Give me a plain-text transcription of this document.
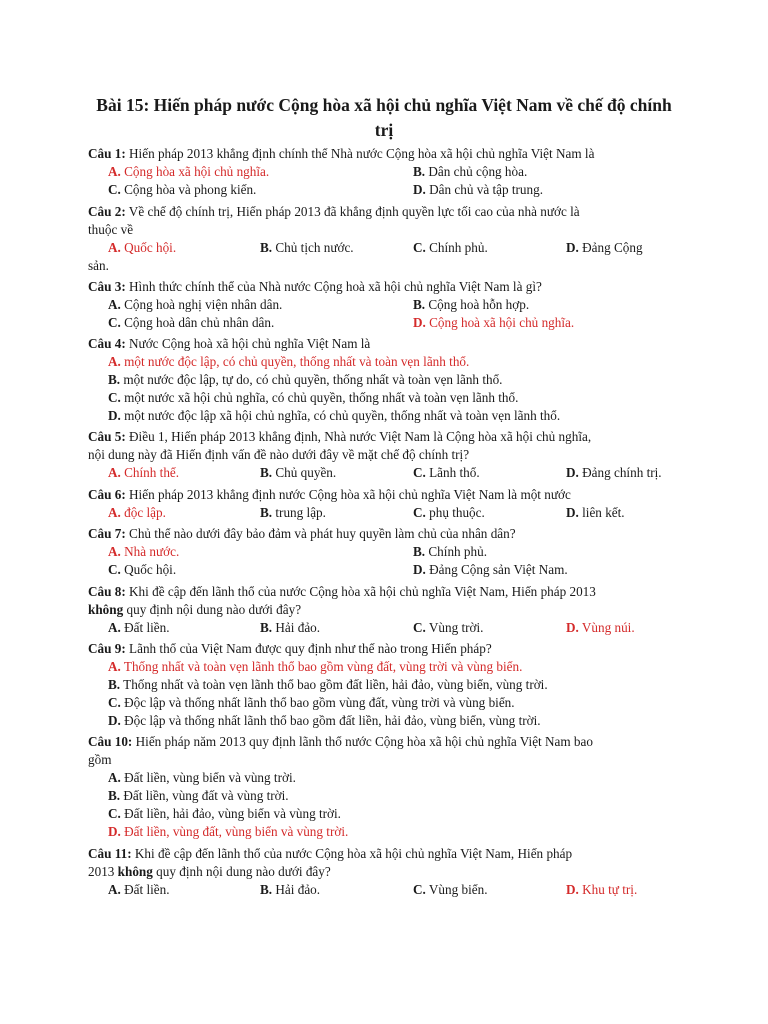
Bài 15: Hiến pháp nước Cộng hòa xã hội chủ nghĩa Việt Nam về chế độ chính
trị
Câu 1: Hiến pháp 2013 khẳng định chính thể Nhà nước Cộng hòa xã hội chủ nghĩa Việt Nam là
A. Cộng hòa xã hội chủ nghĩa.	B. Dân chủ cộng hòa.
C. Cộng hòa và phong kiến.	D. Dân chủ và tập trung.
Câu 2: Về chế độ chính trị, Hiến pháp 2013 đã khẳng định quyền lực tối cao của nhà nước là
thuộc về
A. Quốc hội.	B. Chủ tịch nước.	C. Chính phủ.	D. Đảng Cộng
sản.
Câu 3: Hình thức chính thể của Nhà nước Cộng hoà xã hội chủ nghĩa Việt Nam là gì?
A. Cộng hoà nghị viện nhân dân.	B. Cộng hoà hỗn hợp.
C. Cộng hoà dân chủ nhân dân.	D. Cộng hoà xã hội chủ nghĩa.
Câu 4: Nước Cộng hoà xã hội chủ nghĩa Việt Nam là
A. một nước độc lập, có chủ quyền, thống nhất và toàn vẹn lãnh thổ.
B. một nước độc lập, tự do, có chủ quyền, thống nhất và toàn vẹn lãnh thổ.
C. một nước xã hội chủ nghĩa, có chủ quyền, thống nhất và toàn vẹn lãnh thổ.
D. một nước độc lập xã hội chủ nghĩa, có chủ quyền, thống nhất và toàn vẹn lãnh thổ.
Câu 5: Điều 1, Hiến pháp 2013 khẳng định, Nhà nước Việt Nam là Cộng hòa xã hội chủ nghĩa,
nội dung này đã Hiến định vấn đề nào dưới đây về mặt chế độ chính trị?
A. Chính thể.	B. Chủ quyền.	C. Lãnh thổ.	D. Đảng chính trị.
Câu 6: Hiến pháp 2013 khẳng định nước Cộng hòa xã hội chủ nghĩa Việt Nam là một nước
A. độc lập.	B. trung lập.	C. phụ thuộc.	D. liên kết.
Câu 7: Chủ thể nào dưới đây bảo đảm và phát huy quyền làm chủ của nhân dân?
A. Nhà nước.	B. Chính phủ.
C. Quốc hội.	D. Đảng Cộng sản Việt Nam.
Câu 8: Khi đề cập đến lãnh thổ của nước Cộng hòa xã hội chủ nghĩa Việt Nam, Hiến pháp 2013
không quy định nội dung nào dưới đây?
A. Đất liền.	B. Hải đảo.	C. Vùng trời.	D. Vùng núi.
Câu 9: Lãnh thổ của Việt Nam được quy định như thế nào trong Hiến pháp?
A. Thống nhất và toàn vẹn lãnh thổ bao gồm vùng đất, vùng trời và vùng biển.
B. Thống nhất và toàn vẹn lãnh thổ bao gồm đất liền, hải đảo, vùng biển, vùng trời.
C. Độc lập và thống nhất lãnh thổ bao gồm vùng đất, vùng trời và vùng biển.
D. Độc lập và thống nhất lãnh thổ bao gồm đất liền, hải đảo, vùng biển, vùng trời.
Câu 10: Hiến pháp năm 2013 quy định lãnh thổ nước Cộng hòa xã hội chủ nghĩa Việt Nam bao
gồm
A. Đất liền, vùng biển và vùng trời.
B. Đất liền, vùng đất và vùng trời.
C. Đất liền, hải đảo, vùng biển và vùng trời.
D. Đất liền, vùng đất, vùng biển và vùng trời.
Câu 11: Khi đề cập đến lãnh thổ của nước Cộng hòa xã hội chủ nghĩa Việt Nam, Hiến pháp
2013 không quy định nội dung nào dưới đây?
A. Đất liền.	B. Hải đảo.	C. Vùng biển.	D. Khu tự trị.
